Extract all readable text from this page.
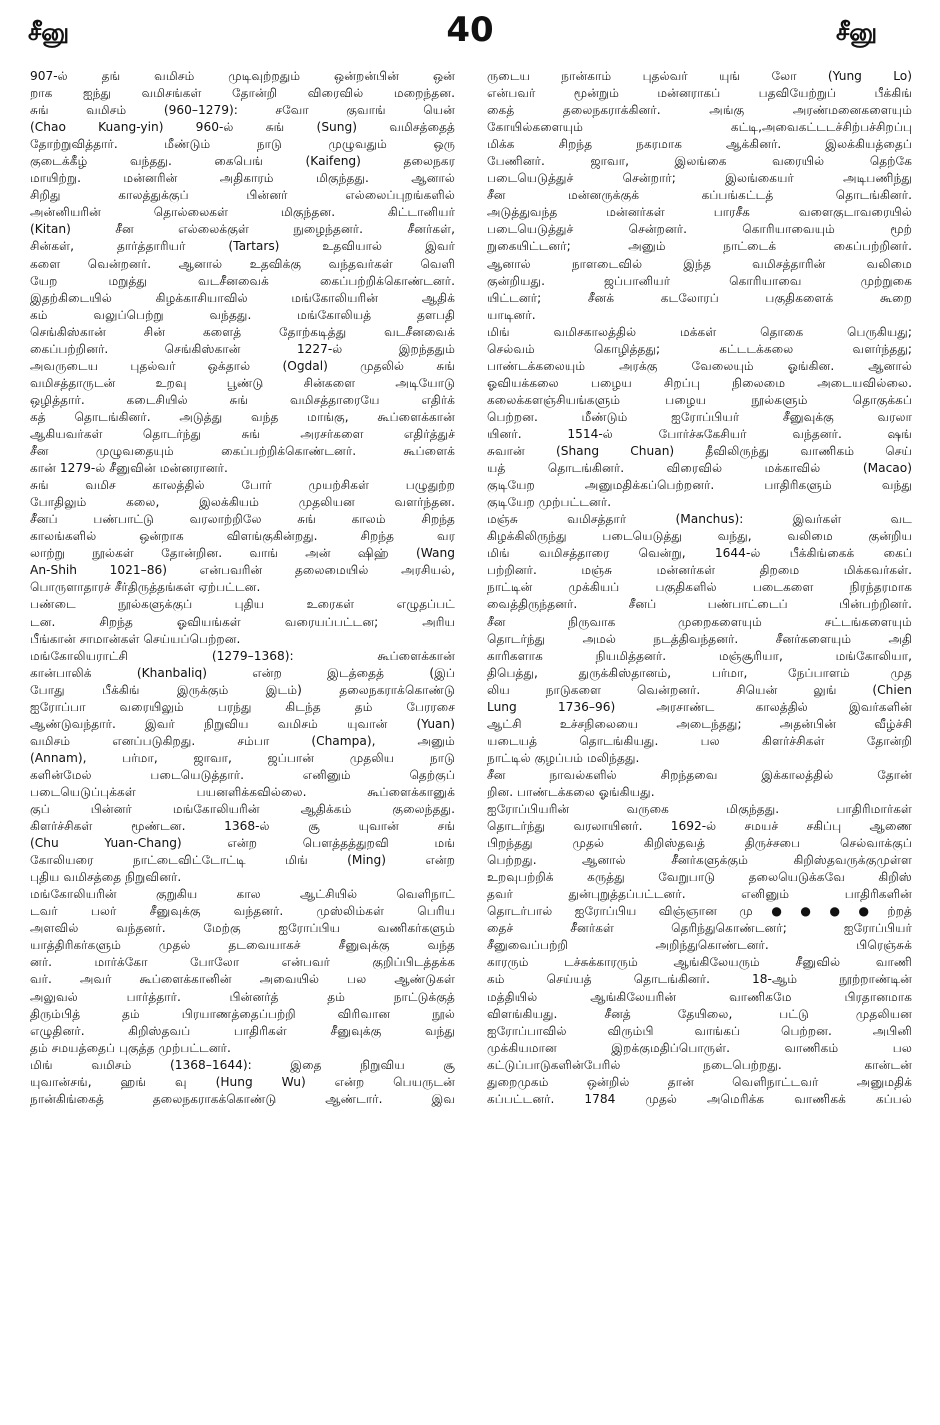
சீனு	40	சீனு
907-ல் தங் வமிசம் முடிவுற்றதும் ஒன்றன்பின் ஒன்
றாக ஐந்து வமிசங்கள் தோன்றி விரைவில் மறைந்தன.
சுங் வமிசம் (960–1279): சவோ குவாங் யென்
(Chao Kuang-yin) 960-ல் சுங் (Sung) வமிசத்தைத்
தோற்றுவித்தார். மீண்டும் நாடு முழுவதும் ஒரு
குடைக்கீழ் வந்தது. கைபெங் (Kaifeng) தலைநகர
மாயிற்று. மன்னரின் அதிகாரம் மிகுந்தது. ஆனால்
சிறிது காலத்துக்குப் பின்னர் எல்லைப்புறங்களில்
அன்னியரின் தொல்லைகள் மிகுந்தன. கிட்டானியர்
(Kitan) சீன எல்லைக்குள் நுழைந்தனர். சீனர்கள்,
சின்கள், தார்த்தாரியர் (Tartars) உதவியால் இவர்
களை வென்றனர். ஆனால் உதவிக்கு வந்தவர்கள் வெளி
யேற மறுத்து வடசீனவைக் கைப்பற்றிக்கொண்டனர்.
இதற்கிடையில் கிழக்காசியாவில் மங்கோலியரின் ஆதிக்
கம் வலுப்பெற்று வந்தது. மங்கோலியத் தளபதி
செங்கிஸ்கான் சின் களைத் தோற்கடித்து வடசீனவைக்
கைப்பற்றினர். செங்கிஸ்கான் 1227-ல் இறந்ததும்
அவருடைய புதல்வர் ஒக்தால் (Ogdal) முதலில் சுங்
வமிசத்தாருடன் உறவு பூண்டு சின்களை அடியோடு
ஒழித்தார். கடைசியில் சுங் வமிசத்தாரையே எதிர்க்
கத் தொடங்கினர். அடுத்து வந்த மாங்கு, கூப்ளைக்கான்
ஆகியவர்கள் தொடர்ந்து சுங் அரசர்களை எதிர்த்துச்
சீன முழுவதையும் கைப்பற்றிக்கொண்டனர். கூப்ளைக்
கான் 1279-ல் சீனுவின் மன்னரானர்.
சுங் வமிச காலத்தில் போர் முயற்சிகள் பழுதுற்ற
போதிலும் கலை, இலக்கியம் முதலியன வளர்ந்தன.
சீனப் பண்பாட்டு வரலாற்றிலே சுங் காலம் சிறந்த
காலங்களில் ஒன்றாக விளங்குகின்றது. சிறந்த வர
லாற்று நூல்கள் தோன்றின. வாங் அன் ஷிஹ் (Wang
An-Shih 1021–86) என்பவரின் தலைமையில் அரசியல்,
பொருளாதாரச் சீர்திருத்தங்கள் ஏற்பட்டன.
பண்டை நூல்களுக்குப் புதிய உரைகள் எழுதப்பட்
டன. சிறந்த ஓவியங்கள் வரையப்பட்டன; அரிய
பீங்கான் சாமான்கள் செய்யப்பெற்றன.
மங்கோலியராட்சி (1279–1368): கூப்ளைக்கான்
கான்பாலிக் (Khanbaliq) என்ற இடத்தைத் (இப்
போது பீக்கிங் இருக்கும் இடம்) தலைநகராக்கொண்டு
ஐரோப்பா வரையிலும் பரந்து கிடந்த தம் பேரரசை
ஆண்டுவந்தார். இவர் நிறுவிய வமிசம் யுவான் (Yuan)
வமிசம் எனப்படுகிறது. சம்பா (Champa), அனும்
(Annam), பர்மா, ஜாவா, ஜப்பான் முதலிய நாடு
களின்மேல் படையெடுத்தார். எனினும் தெற்குப்
படையெடுப்புக்கள் பயனளிக்கவில்லை. கூப்ளைக்கானுக்
குப் பின்னர் மங்கோலியரின் ஆதிக்கம் குலைந்தது.
கிளர்ச்சிகள் மூண்டன. 1368-ல் சூ யுவான் சங்
(Chu Yuan-Chang) என்ற பௌத்தத்துறவி மங்
கோலியரை நாட்டைவிட்டோட்டி மிங் (Ming) என்ற
புதிய வமிசத்தை நிறுவினர்.
மங்கோலியரின் குறுகிய கால ஆட்சியில் வெளிநாட்
டவர் பலர் சீனுவுக்கு வந்தனர். முஸ்லிம்கள் பெரிய
அளவில் வந்தனர். மேற்கு ஐரோப்பிய வணிகர்களும்
யாத்திரிகர்களும் முதல் தடவையாகச் சீனுவுக்கு வந்த
னர். மார்க்கோ போலோ என்பவர் குறிப்பிடத்தக்க
வர். அவர் கூப்ளைக்கானின் அவையில் பல ஆண்டுகள்
அலுவல் பார்த்தார். பின்னர்த் தம் நாட்டுக்குத்
திரும்பித் தம் பிரயாணத்தைப்பற்றி விரிவான நூல்
எழுதினர். கிறிஸ்தவப் பாதிரிகள் சீனுவுக்கு வந்து
தம் சமயத்தைப் புகுத்த முற்பட்டனர்.
மிங் வமிசம் (1368–1644): இதை நிறுவிய சூ
யுவான்சங், ஹங் வு (Hung Wu) என்ற பெயருடன்
நான்கிங்கைத் தலைநகராகக்கொண்டு ஆண்டார். இவ
ருடைய நான்காம் புதல்வர் யுங் லோ (Yung Lo)
என்பவர் மூன்றும் மன்னராகப் பதவியேற்றுப் பீக்கிங்
கைத் தலைநகராக்கினர். அங்கு அரண்மனைகளையும்
கோயில்களையும் கட்டி,அவைகட்டடச்சிற்பச்சிறப்பு
மிக்க சிறந்த நகரமாக ஆக்கினர். இலக்கியத்தைப்
பேணினர். ஜாவா, இலங்கை வரையில் தெற்கே
படையெடுத்துச் சென்றார்; இலங்கையர் அடிபணிந்து
சீன மன்னருக்குக் கப்பங்கட்டத் தொடங்கினர்.
அடுத்துவந்த மன்னர்கள் பாரசீக வளைகுடாவரையில்
படையெடுத்துச் சென்றனர். கொரியாவையும் மூற்
றுகையிட்டனர்; அனும் நாட்டைக் கைப்பற்றினர்.
ஆனால் நாளடைவில் இந்த வமிசத்தாரின் வலிமை
குன்றியது. ஜப்பானியர் கொரியாவை முற்றுகை
யிட்டனர்; சீனக் கடலோரப் பகுதிகளைக் கூறை
யாடினர்.
மிங் வமிசகாலத்தில் மக்கள் தொகை பெருகியது;
செல்வம் கொழித்தது; கட்டடக்கலை வளர்ந்தது;
பாண்டக்கலையும் அரக்கு வேலையும் ஓங்கின. ஆனால்
ஓவியக்கலை பழைய சிறப்பு நிலைமை அடையவில்லை.
கலைக்களஞ்சியங்களும் பழைய நூல்களும் தொகுக்கப்
பெற்றன. மீண்டும் ஐரோப்பியர் சீனுவுக்கு வரலா
யினர். 1514-ல் போர்ச்சுகேசியர் வந்தனர். ஷங்
சுவான் (Shang Chuan) தீவிலிருந்து வாணிகம் செய்
யத் தொடங்கினர். விரைவில் மக்காவில் (Macao)
குடியேற அனுமதிக்கப்பெற்றனர். பாதிரிகளும் வந்து
குடியேற முற்பட்டனர்.
மஞ்சு வமிசத்தார் (Manchus): இவர்கள் வட
கிழக்கிலிருந்து படையெடுத்து வந்து, வலிமை குன்றிய
மிங் வமிசத்தாரை வென்று, 1644-ல் பீக்கிங்கைக் கைப்
பற்றினர். மஞ்சு மன்னர்கள் திறமை மிக்கவர்கள்.
நாட்டின் முக்கியப் பகுதிகளில் படைகளை நிரந்தரமாக
வைத்திருந்தனர். சீனப் பண்பாட்டைப் பின்பற்றினர்.
சீன நிருவாக முறைகளையும் சட்டங்களையும்
தொடர்ந்து அமல் நடத்திவந்தனர். சீனர்களையும் அதி
காரிகளாக நியமித்தனர். மஞ்சூரியா, மங்கோலியா,
திபெத்து, துருக்கிஸ்தானம், பர்மா, நேப்பாளம் முத
லிய நாடுகளை வென்றனர். சியென் லுங் (Chien
Lung 1736–96) அரசாண்ட காலத்தில் இவர்களின்
ஆட்சி உச்சநிலையை அடைந்தது; அதன்பின் வீழ்ச்சி
யடையத் தொடங்கியது. பல கிளர்ச்சிகள் தோன்றி
நாட்டில் குழப்பம் மலிந்தது.
சீன நாவல்களில் சிறந்தவை இக்காலத்தில் தோன்
றின. பாண்டக்கலை ஓங்கியது.
ஐரோப்பியரின் வருகை மிகுந்தது. பாதிரிமார்கள்
தொடர்ந்து வரலாயினர். 1692-ல் சமயச் சகிப்பு ஆணை
பிறந்தது முதல் கிறிஸ்தவத் திருச்சபை செல்வாக்குப்
பெற்றது. ஆனால் சீனர்களுக்கும் கிறிஸ்தவருக்குமுள்ள
உறவுபற்றிக் கருத்து வேறுபாடு தலையெடுக்கவே கிறிஸ்
தவர் துன்புறுத்தப்பட்டனர். எனினும் பாதிரிகளின்
தொடர்பால் ஐரோப்பிய விஞ்ஞான மு●●●●ற்றத்
தைச் சீனர்கள் தெரிந்துகொண்டனர்; ஐரோப்பியர்
சீனுவைப்பற்றி அறிந்துகொண்டனர். பிரெஞ்சுக்
காரரும் டச்சுக்காரரும் ஆங்கிலேயரும் சீனுவில் வாணி
கம் செய்யத் தொடங்கினர். 18-ஆம் நூற்றாண்டின்
மத்தியில் ஆங்கிலேயரின் வாணிகமே பிரதானமாக
விளங்கியது. சீனத் தேயிலை, பட்டு முதலியன
ஐரோப்பாவில் விரும்பி வாங்கப் பெற்றன. அபினி
முக்கியமான இறக்குமதிப்பொருள். வாணிகம் பல
கட்டுப்பாடுகளின்பேரில் நடைபெற்றது. கான்டன்
துறைமுகம் ஒன்றில் தான் வெளிநாட்டவர் அனுமதிக்
கப்பட்டனர். 1784 முதல் அமெரிக்க வாணிகக் கப்பல்
